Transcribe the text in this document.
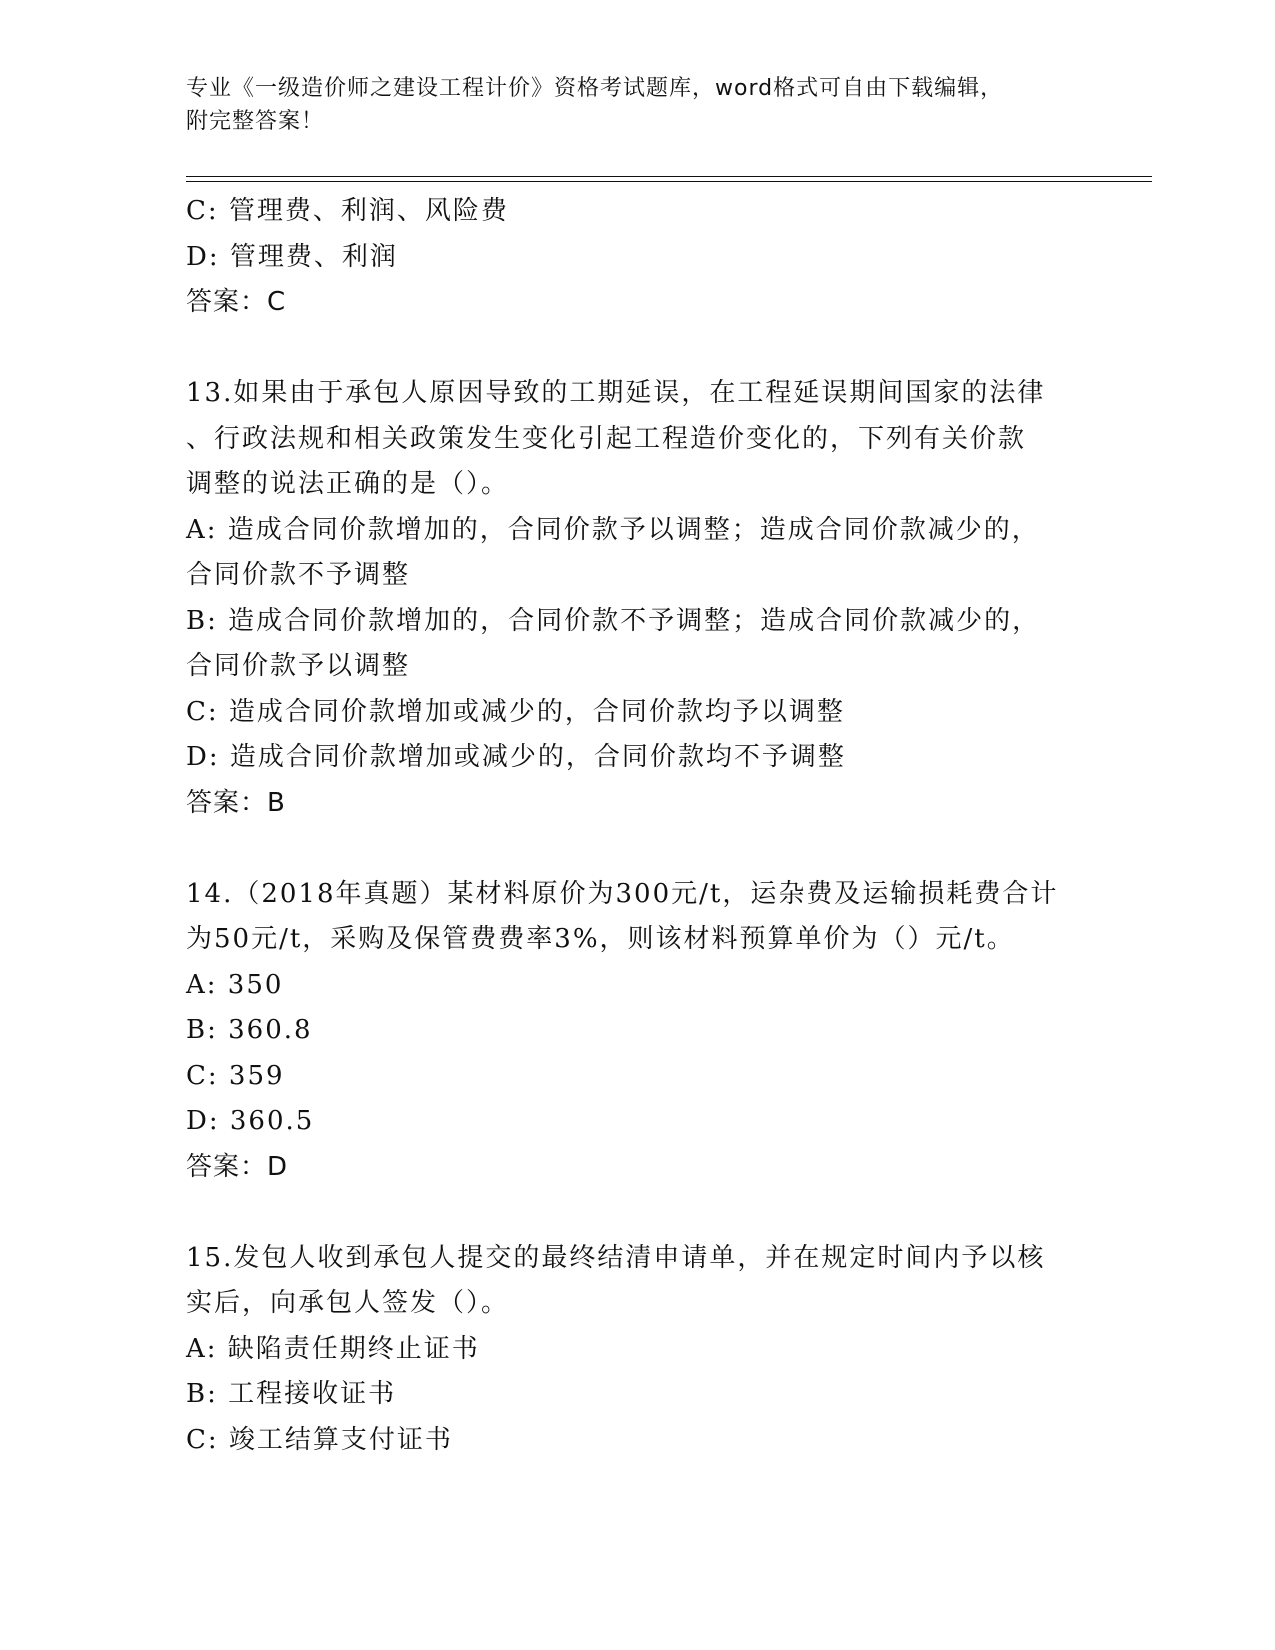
专业《一级造价师之建设工程计价》资格考试题库，word格式可自由下载编辑，
附完整答案！
C: 管理费、利润、风险费
D: 管理费、利润
答案：C
13.如果由于承包人原因导致的工期延误，在工程延误期间国家的法律
、行政法规和相关政策发生变化引起工程造价变化的，下列有关价款
调整的说法正确的是（）。
A: 造成合同价款增加的，合同价款予以调整；造成合同价款减少的，
合同价款不予调整
B: 造成合同价款增加的，合同价款不予调整；造成合同价款减少的，
合同价款予以调整
C: 造成合同价款增加或减少的，合同价款均予以调整
D: 造成合同价款增加或减少的，合同价款均不予调整
答案：B
14.（2018年真题）某材料原价为300元/t，运杂费及运输损耗费合计
为50元/t，采购及保管费费率3%，则该材料预算单价为（）元/t。
A: 350
B: 360.8
C: 359
D: 360.5
答案：D
15.发包人收到承包人提交的最终结清申请单，并在规定时间内予以核
实后，向承包人签发（）。
A: 缺陷责任期终止证书
B: 工程接收证书
C: 竣工结算支付证书
